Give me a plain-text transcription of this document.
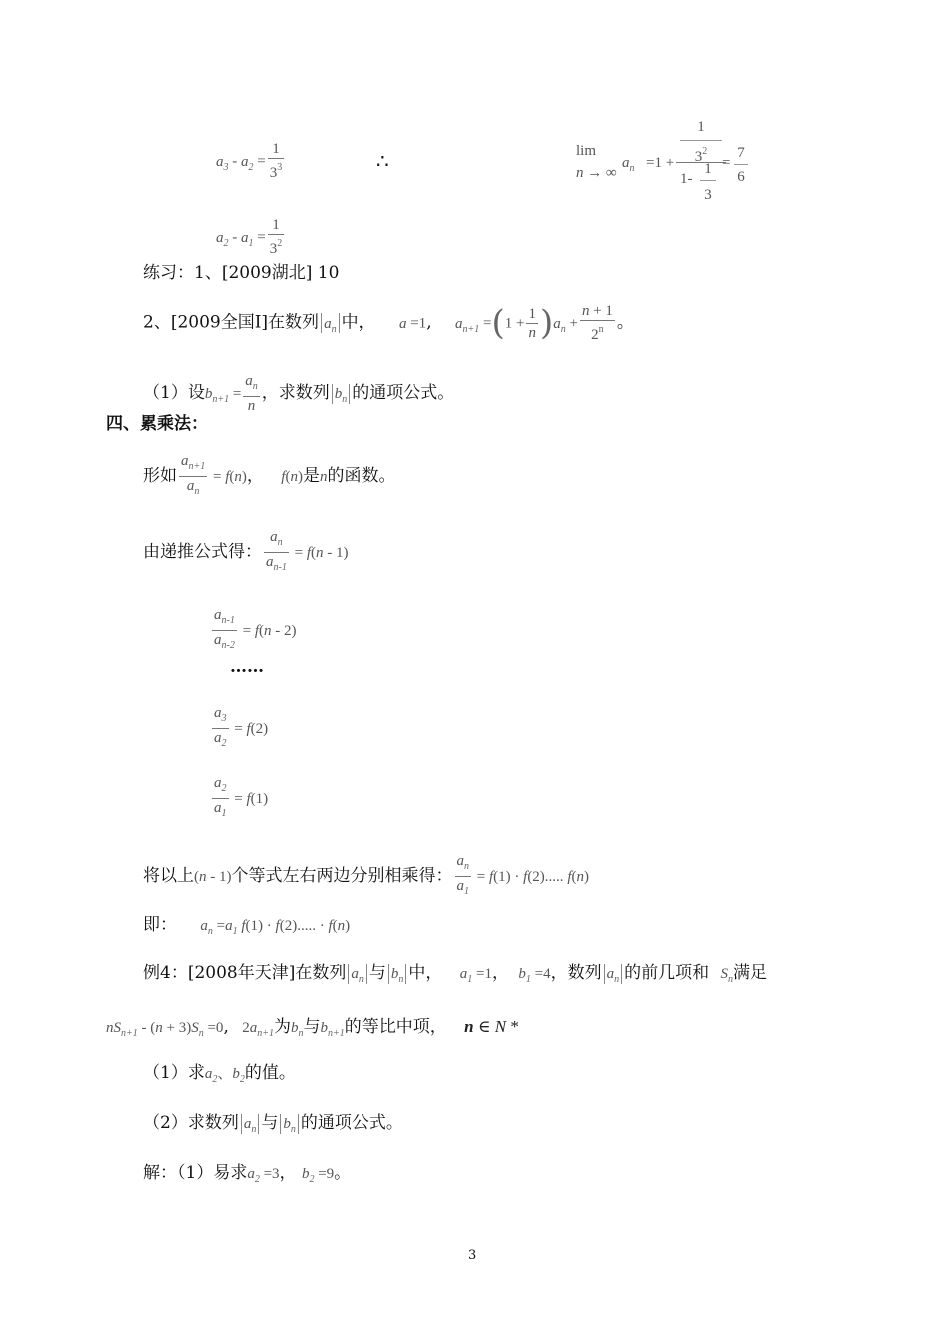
$a_3 - a_2 = \frac{1}{3^3}$	∴	lim
n → ∞
$a_n =1$ +
1
$3^2$
1-
1
3
=
7
6
$a_2 - a_1 = \frac{1}{3^2}$
练习：1、[2009湖北] 10
2、[2009全国Ⅰ]在数列 $a_n$ 中， a =1, $a_{n+1} =(1 + \frac{1}{n} )a_n + \frac{n + 1}{2^n}$ 。
（1）设$b_{n+1} = \frac{a_n}{n}$ ，求数列 $b_n$ 的通项公式。
四、累乘法：
形如 $\frac{a_{n+1}}{a_n} = f(n)$， f(n)是n的函数。
由递推公式得： $\frac{a_n}{a_{n-1}} = f(n - 1)$
$\frac{a_{n-1}}{a_{n-2}} = f(n - 2)$
……
$\frac{a_3}{a_2} = f(2)$
$\frac{a_2}{a_1} = f(1)$
将以上(n - 1)个等式左右两边分别相乘得： $\frac{a_n}{a_1} = f(1) \cdot f(2)$..... f(n)
即： $a_n =a_1$ f(1) · f(2)..... · f(n)
例4：[2008年天津]在数列 $a_n$ 与 $b_n$ 中， $a_1 =1$， $b_1 =4$，数列 $a_n$ 的前几项和 $S_n$满足
$nS_{n+1} - (n + 3)S_n =0$, $2a_{n+1}$为$b_n$与$b_{n+1}$的等比中项， n ∈ N *
（1）求$a_2$、$b_2$的值。
（2）求数列 $a_n$ 与 $b_n$ 的通项公式。
解：（1）易求$a_2 =3$， $b_2 =9$。
3
